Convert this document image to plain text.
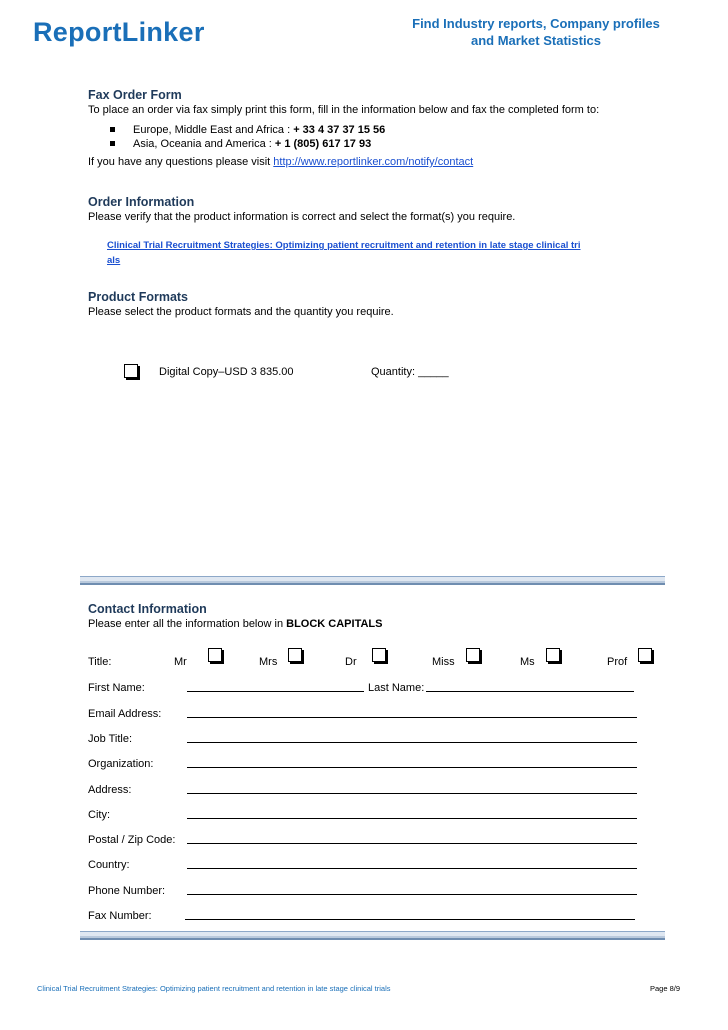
ReportLinker	Find Industry reports, Company profiles
and Market Statistics
Fax Order Form
To place an order via fax simply print this form, fill in the information below and fax the completed form to:
Europe, Middle East and Africa : + 33 4 37 37 15 56
Asia, Oceania and America : + 1 (805) 617 17 93
If you have any questions please visit http://www.reportlinker.com/notify/contact
Order Information
Please verify that the product information is correct and select the format(s) you require.
Clinical Trial Recruitment Strategies: Optimizing patient recruitment and retention in late stage clinical tri
als
Product Formats
Please select the product formats and the quantity you require.
Digital Copy–USD 3 835.00	Quantity: _____
Contact Information
Please enter all the information below in BLOCK CAPITALS
Title:	Mr	Mrs	Dr	Miss	Ms	Prof
First Name:	Last Name:
Email Address:
Job Title:
Organization:
Address:
City:
Postal / Zip Code:
Country:
Phone Number:
Fax Number:
Clinical Trial Recruitment Strategies: Optimizing patient recruitment and retention in late stage clinical trials	Page 8/9
